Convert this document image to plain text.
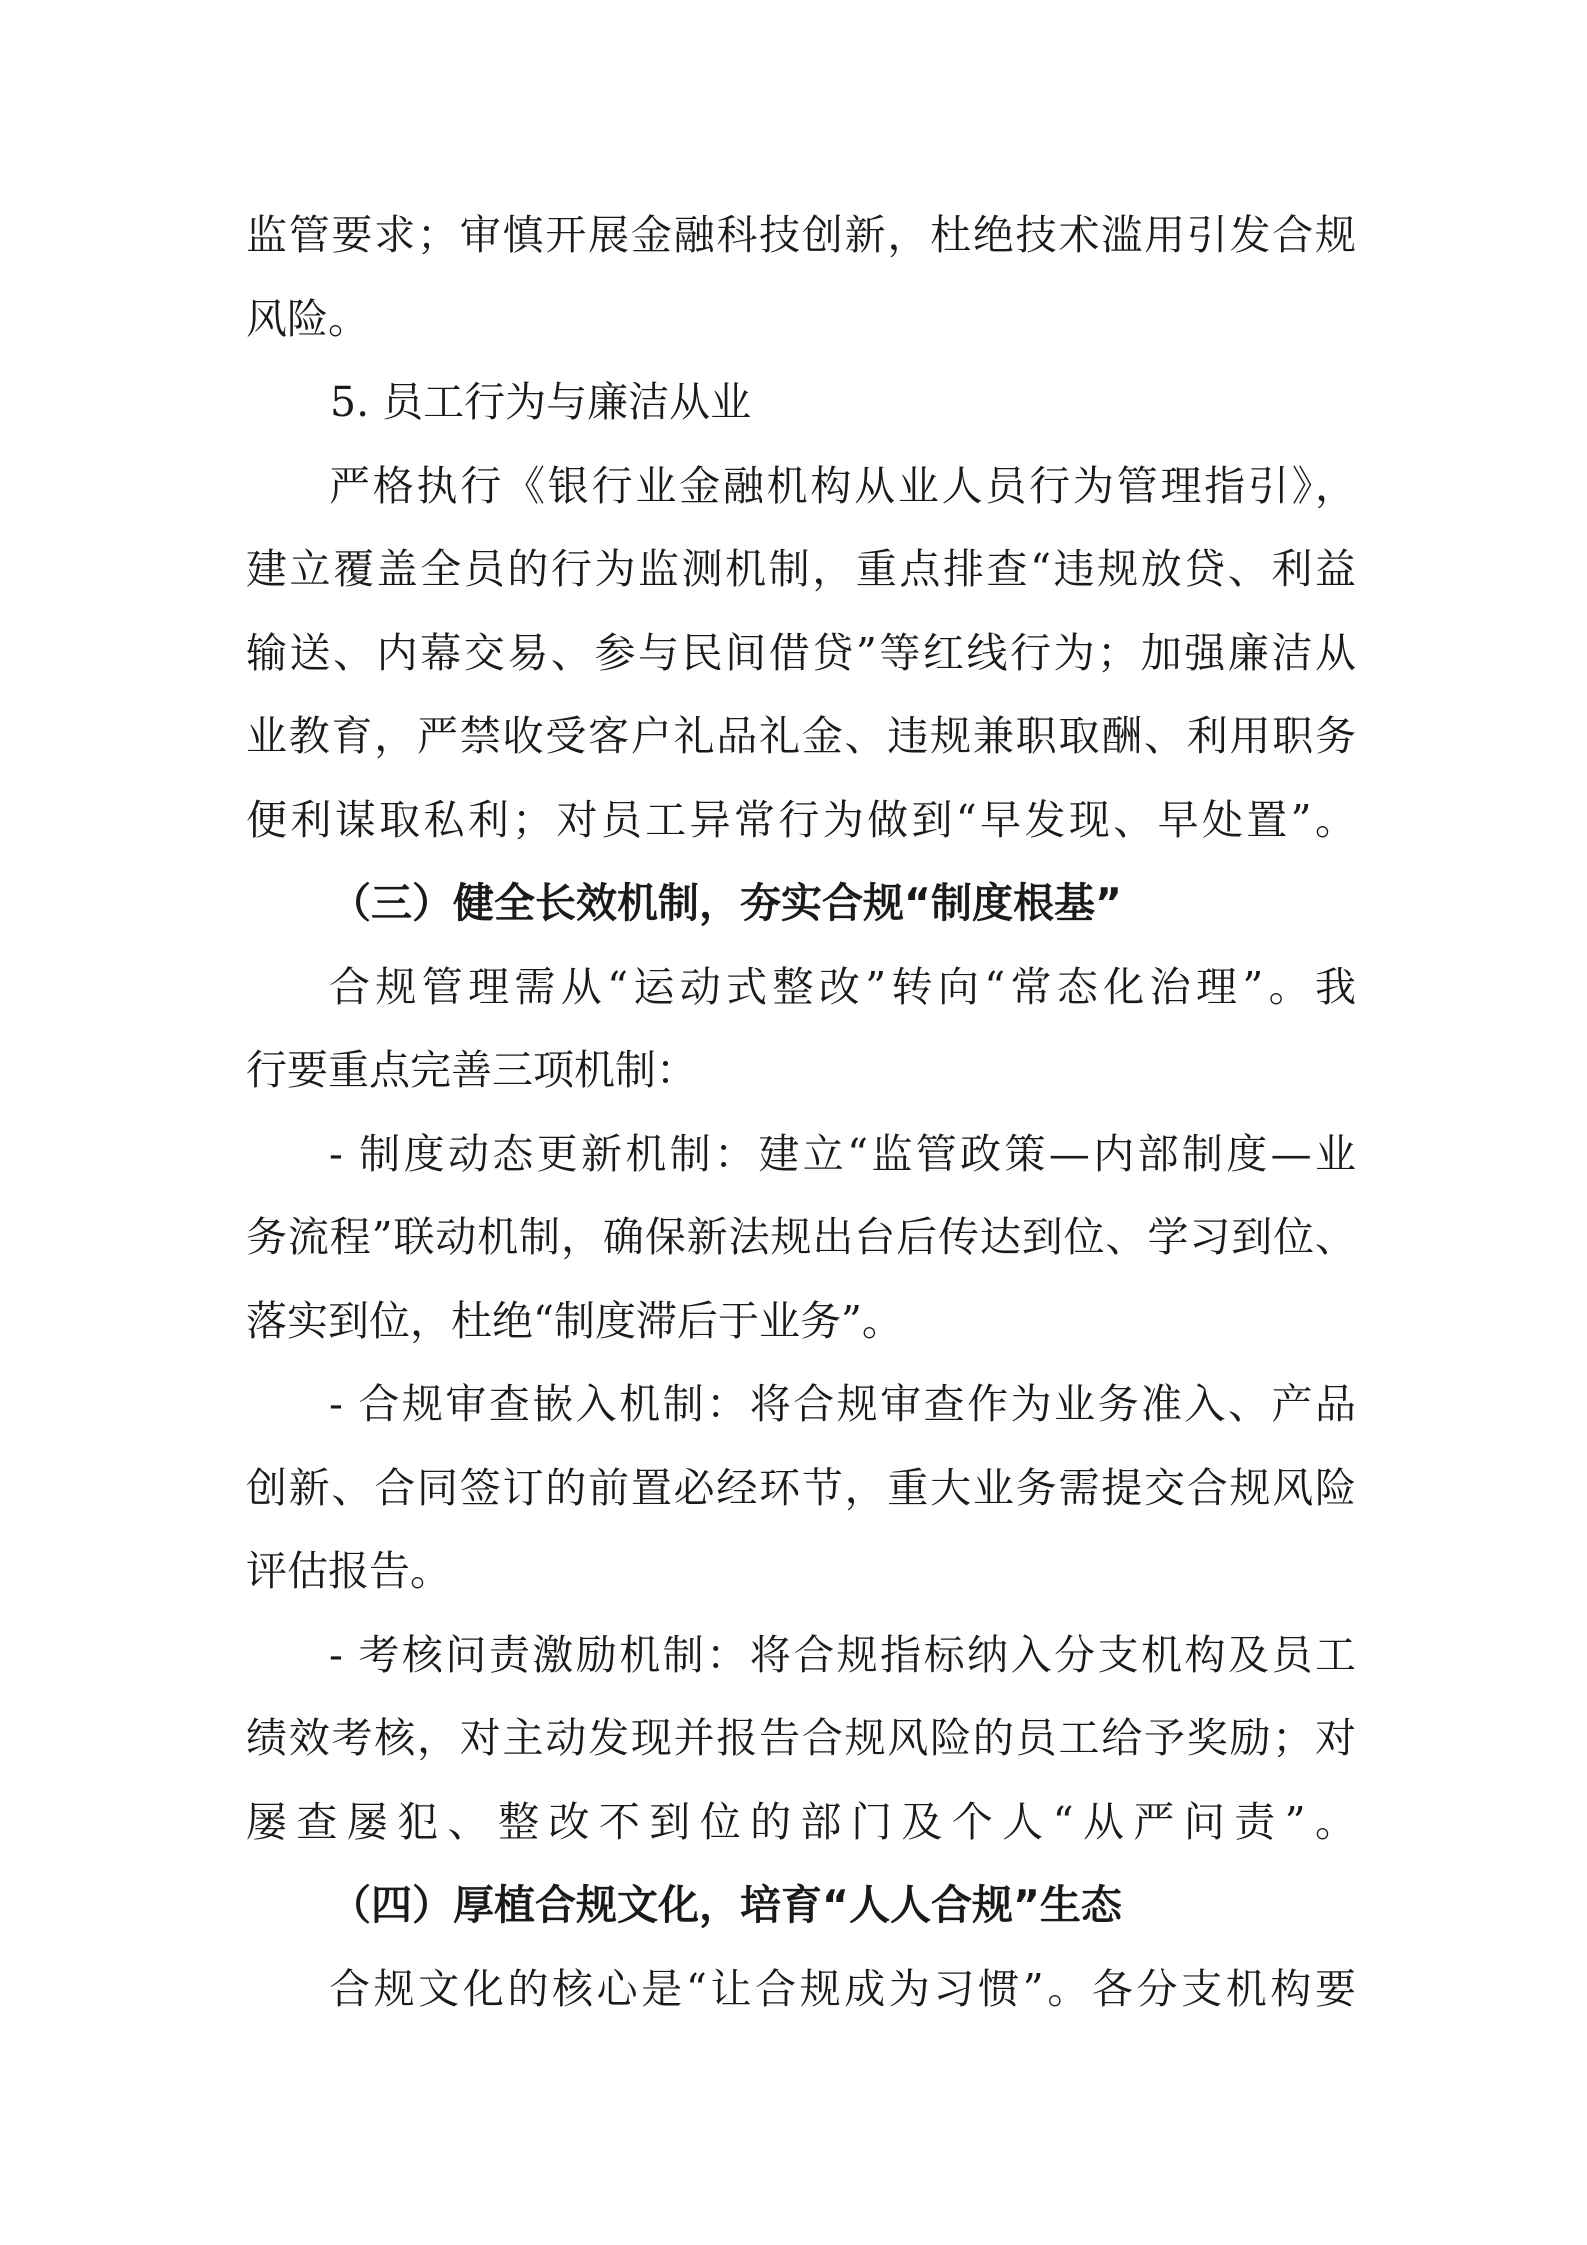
监管要求；审慎开展金融科技创新，杜绝技术滥用引发合规
风险。
5. 员工行为与廉洁从业
严格执行《银行业金融机构从业人员行为管理指引》，
建立覆盖全员的行为监测机制，重点排查“违规放贷、利益
输送、内幕交易、参与民间借贷”等红线行为；加强廉洁从
业教育，严禁收受客户礼品礼金、违规兼职取酬、利用职务
便利谋取私利；对员工异常行为做到“早发现、早处置”。
（三）健全长效机制，夯实合规“制度根基”
合规管理需从“运动式整改”转向“常态化治理”。我
行要重点完善三项机制：
- 制度动态更新机制：建立“监管政策—内部制度—业
务流程”联动机制，确保新法规出台后传达到位、学习到位、
落实到位，杜绝“制度滞后于业务”。
- 合规审查嵌入机制：将合规审查作为业务准入、产品
创新、合同签订的前置必经环节，重大业务需提交合规风险
评估报告。
- 考核问责激励机制：将合规指标纳入分支机构及员工
绩效考核，对主动发现并报告合规风险的员工给予奖励；对
屡查屡犯、整改不到位的部门及个人“从严问责”。
（四）厚植合规文化，培育“人人合规”生态
合规文化的核心是“让合规成为习惯”。各分支机构要
